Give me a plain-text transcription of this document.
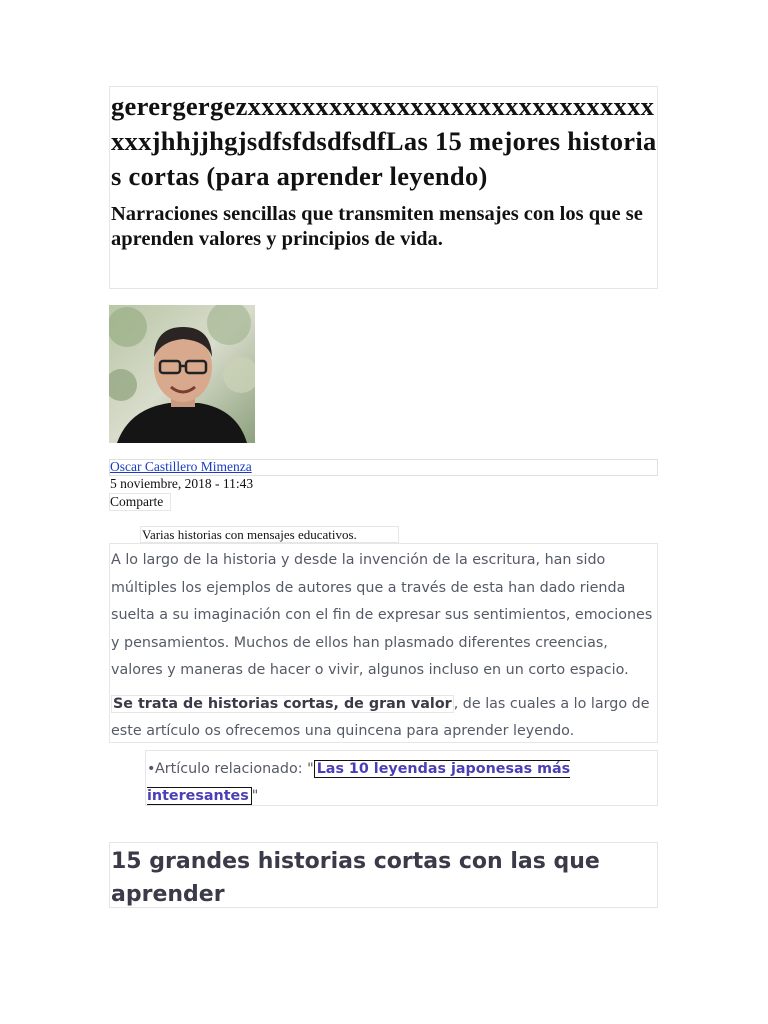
gerergergezxxxxxxxxxxxxxxxxxxxxxxxxxxxxxxxxxjhhjjhgjsdfsfdsdfsdfLas 15 mejores historias cortas (para aprender leyendo)
Narraciones sencillas que transmiten mensajes con los que se aprenden valores y principios de vida.
Oscar Castillero Mimenza
5 noviembre, 2018 - 11:43
Comparte
Varias historias con mensajes educativos.

A lo largo de la historia y desde la invención de la escritura, han sido múltiples los ejemplos de autores que a través de esta han dado rienda suelta a su imaginación con el fin de expresar sus sentimientos, emociones y pensamientos. Muchos de ellos han plasmado diferentes creencias, valores y maneras de hacer o vivir, algunos incluso en un corto espacio.

Se trata de historias cortas, de gran valor , de las cuales a lo largo de este artículo os ofrecemos una quincena para aprender leyendo.

•Artículo relacionado: " Las 10 leyendas japonesas más interesantes "
15 grandes historias cortas con las que aprender
